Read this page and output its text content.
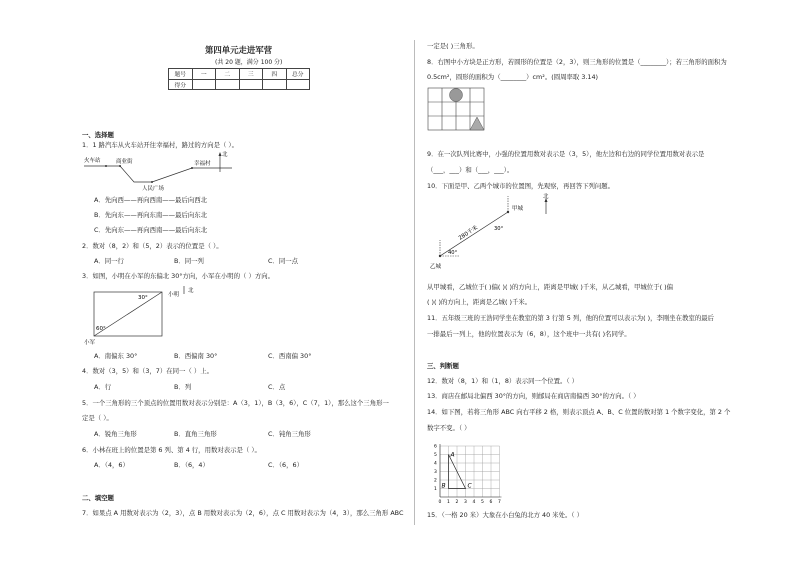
第四单元走进军营
(共 20 题，满分 100 分)
题号	一	二	三	四	总分
得分					
一、选择题
1．1 路汽车从火车站开往幸福村，路过的方向是（ ）。
火车站	商业街	幸福村
人民广场
北
A．先向西——再向西南——最后向西北
B．先向东——再向东南——最后向东北
C．先向东——再向西南——最后向东北
2．数对（8，2）和（5，2）表示的位置是（ ）。
A．同一行	B．同一列	C．同一点
3．如图，小明在小军的东偏北 30°方向，小军在小明的（ ）方向。
30°
60°
小明
北
小军
A．南偏东 30°	B．西偏南 30°	C．西南偏 30°
4．数对（3，5）和（3，7）在同一（ ）上。
A．行	B．列	C．点
5．一个三角形的三个顶点的位置用数对表示分别是：A（3，1），B（3，6），C（7，1），那么这个三角形一
定是（ ）。
A．锐角三角形	B．直角三角形	C．钝角三角形
6．小林在班上的位置是第 6 列、第 4 行，用数对表示是（ ）。
A．（4，6）	B．（6，4）	C．（6，6）
二、填空题
7．如果点 A 用数对表示为（2，3），点 B 用数对表示为（2，6），点 C 用数对表示为（4，3），那么三角形 ABC
一定是( )三角形。
8．右图中小方块是正方形，若圆形的位置是（2，3），则三角形的位置是（________）；若三角形的面积为
0.5cm²，圆形的面积为（________）cm²。(圆周率取 3.14)
9．在一次队列比赛中，小强的位置用数对表示是（3，5），他左边和右边的同学位置用数对表示是
（___，___）和（___，___）。
10．下面是甲、乙两个城市的位置图，先观察，再回答下列问题。
甲城
乙城
280千米	30°
40°
北
从甲城看，乙城位于( )偏( )( )的方向上，距离是甲城( )千米，从乙城看，甲城位于( )偏
( )( )的方向上，距离是乙城( )千米。
11．五年级三班的王浩同学坐在教室的第 3 行第 5 列，他的位置可以表示为( )，李刚坐在教室的最后
一排最后一列上，他的位置表示为（6，8），这个班中一共有( )名同学。
三、判断题
12．数对（8，1）和（1，8）表示同一个位置。（ ）
13．商店在邮局北偏西 30°的方向，则邮局在商店南偏西 30°的方向。（ ）
14．如下图，若将三角形 ABC 向右平移 2 格，则表示顶点 A、B、C 位置的数对第 1 个数字变化，第 2 个
数字不变。（ ）
0 1 2 3 4 5 6 7
1
2
3
4
5
6
A
B	C
15．（一格 20 米）大象在小白兔的北方 40 米处。（ ）
